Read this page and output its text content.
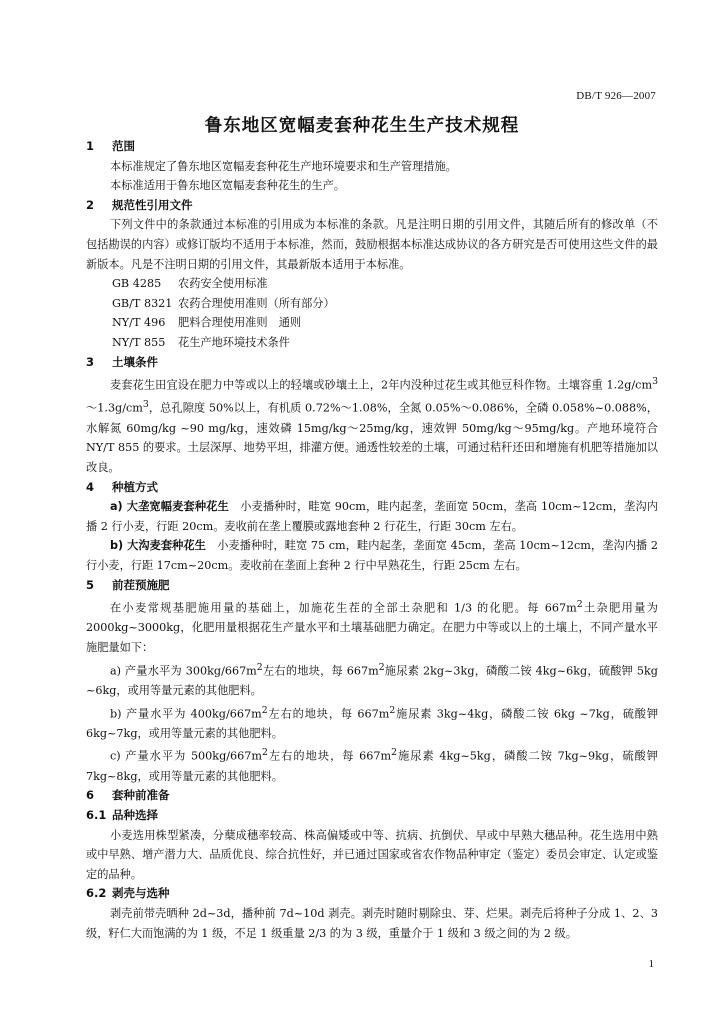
DB/T 926—2007
鲁东地区宽幅麦套种花生生产技术规程

1 范围

本标准规定了鲁东地区宽幅麦套种花生产地环境要求和生产管理措施。

本标准适用于鲁东地区宽幅麦套种花生的生产。

2 规范性引用文件

下列文件中的条款通过本标准的引用成为本标准的条款。凡是注明日期的引用文件，其随后所有的修改单（不包括勘误的内容）或修订版均不适用于本标准，然而，鼓励根据本标准达成协议的各方研究是否可使用这些文件的最新版本。凡是不注明日期的引用文件，其最新版本适用于本标准。

GB 4285 农药安全使用标准

GB/T 8321 农药合理使用准则（所有部分）

NY/T 496 肥料合理使用准则　通则

NY/T 855 花生产地环境技术条件

3 土壤条件

麦套花生田宜设在肥力中等或以上的轻壤或砂壤土上，2年内没种过花生或其他豆科作物。土壤容重 $1.2g/cm^3\sim 1.3g/cm^3$，总孔隙度 50%以上，有机质 0.72%～1.08%，全氮 0.05%～0.086%，全磷 0.058%~0.088%，水解氮 60mg/kg ~90 mg/kg，速效磷 15mg/kg～25mg/kg，速效钾 50mg/kg～95mg/kg。产地环境符合NY/T 855 的要求。土层深厚、地势平坦，排灌方便。通透性较差的土壤，可通过秸秆还田和增施有机肥等措施加以改良。

4 种植方式

a) 大垄宽幅麦套种花生　 小麦播种时，畦宽 90cm，畦内起垄，垄面宽 50cm，垄高 10cm~12cm，垄沟内播 2 行小麦，行距 20cm。麦收前在垄上覆膜或露地套种 2 行花生，行距 30cm 左右。

b) 大沟麦套种花生　 小麦播种时，畦宽 75 cm，畦内起垄，垄面宽 45cm，垄高 10cm~12cm，垄沟内播 2 行小麦，行距 17cm~20cm。麦收前在垄面上套种 2 行中早熟花生，行距 25cm 左右。

5 前茬预施肥

在小麦常规基肥施用量的基础上，加施花生茬的全部土杂肥和 1/3 的化肥。每 $667m^2$土杂肥用量为 2000kg~3000kg，化肥用量根据花生产量水平和土壤基础肥力确定。在肥力中等或以上的土壤上，不同产量水平施肥量如下：

a) 产量水平为 $300kg/667m^2$左右的地块，每 $667m^2$施尿素 2kg~3kg，磷酸二铵 4kg~6kg，硫酸钾 5kg ~6kg，或用等量元素的其他肥料。

b) 产量水平为 $400kg/667m^2$左右的地块，每 $667m^2$施尿素 3kg~4kg，磷酸二铵 6kg ~7kg，硫酸钾 6kg~7kg，或用等量元素的其他肥料。

c) 产量水平为 $500kg/667m^2$左右的地块，每 $667m^2$施尿素 4kg~5kg，磷酸二铵 7kg~9kg，硫酸钾 7kg~8kg，或用等量元素的其他肥料。

6 套种前准备

6.1 品种选择

小麦选用株型紧凑，分蘖成穗率较高、株高偏矮或中等、抗病、抗倒伏、早或中早熟大穗品种。花生选用中熟或中早熟、增产潜力大、品质优良、综合抗性好，并已通过国家或省农作物品种审定（鉴定）委员会审定、认定或鉴定的品种。

6.2 剥壳与选种

剥壳前带壳晒种 2d~3d，播种前 7d~10d 剥壳。剥壳时随时剔除虫、芽、烂果。剥壳后将种子分成 1、2、3 级，籽仁大而饱满的为 1 级，不足 1 级重量 2/3 的为 3 级，重量介于 1 级和 3 级之间的为 2 级。

1
